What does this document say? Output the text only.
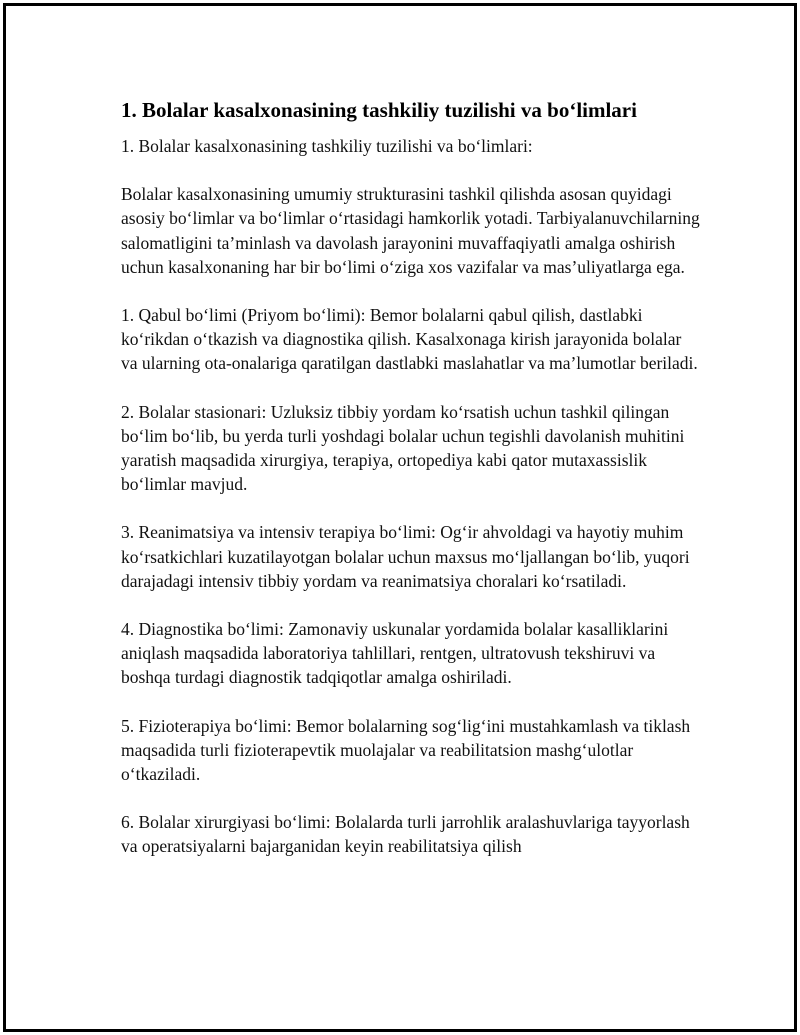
1. Bolalar kasalxonasining tashkiliy tuzilishi va bo‘limlari

1. Bolalar kasalxonasining tashkiliy tuzilishi va bo‘limlari:

Bolalar kasalxonasining umumiy strukturasini tashkil qilishda asosan quyidagi asosiy bo‘limlar va bo‘limlar o‘rtasidagi hamkorlik yotadi. Tarbiyalanuvchilarning salomatligini ta’minlash va davolash jarayonini muvaffaqiyatli amalga oshirish uchun kasalxonaning har bir bo‘limi o‘ziga xos vazifalar va mas’uliyatlarga ega.

1. Qabul bo‘limi (Priyom bo‘limi): Bemor bolalarni qabul qilish, dastlabki ko‘rikdan o‘tkazish va diagnostika qilish. Kasalxonaga kirish jarayonida bolalar va ularning ota-onalariga qaratilgan dastlabki maslahatlar va ma’lumotlar beriladi.

2. Bolalar stasionari: Uzluksiz tibbiy yordam ko‘rsatish uchun tashkil qilingan bo‘lim bo‘lib, bu yerda turli yoshdagi bolalar uchun tegishli davolanish muhitini yaratish maqsadida xirurgiya, terapiya, ortopediya kabi qator mutaxassislik bo‘limlar mavjud.

3. Reanimatsiya va intensiv terapiya bo‘limi: Og‘ir ahvoldagi va hayotiy muhim ko‘rsatkichlari kuzatilayotgan bolalar uchun maxsus mo‘ljallangan bo‘lib, yuqori darajadagi intensiv tibbiy yordam va reanimatsiya choralari ko‘rsatiladi.

4. Diagnostika bo‘limi: Zamonaviy uskunalar yordamida bolalar kasalliklarini aniqlash maqsadida laboratoriya tahlillari, rentgen, ultratovush tekshiruvi va boshqa turdagi diagnostik tadqiqotlar amalga oshiriladi.

5. Fizioterapiya bo‘limi: Bemor bolalarning sog‘lig‘ini mustahkamlash va tiklash maqsadida turli fizioterapevtik muolajalar va reabilitatsion mashg‘ulotlar o‘tkaziladi.

6. Bolalar xirurgiyasi bo‘limi: Bolalarda turli jarrohlik aralashuvlariga tayyorlash va operatsiyalarni bajarganidan keyin reabilitatsiya qilish
